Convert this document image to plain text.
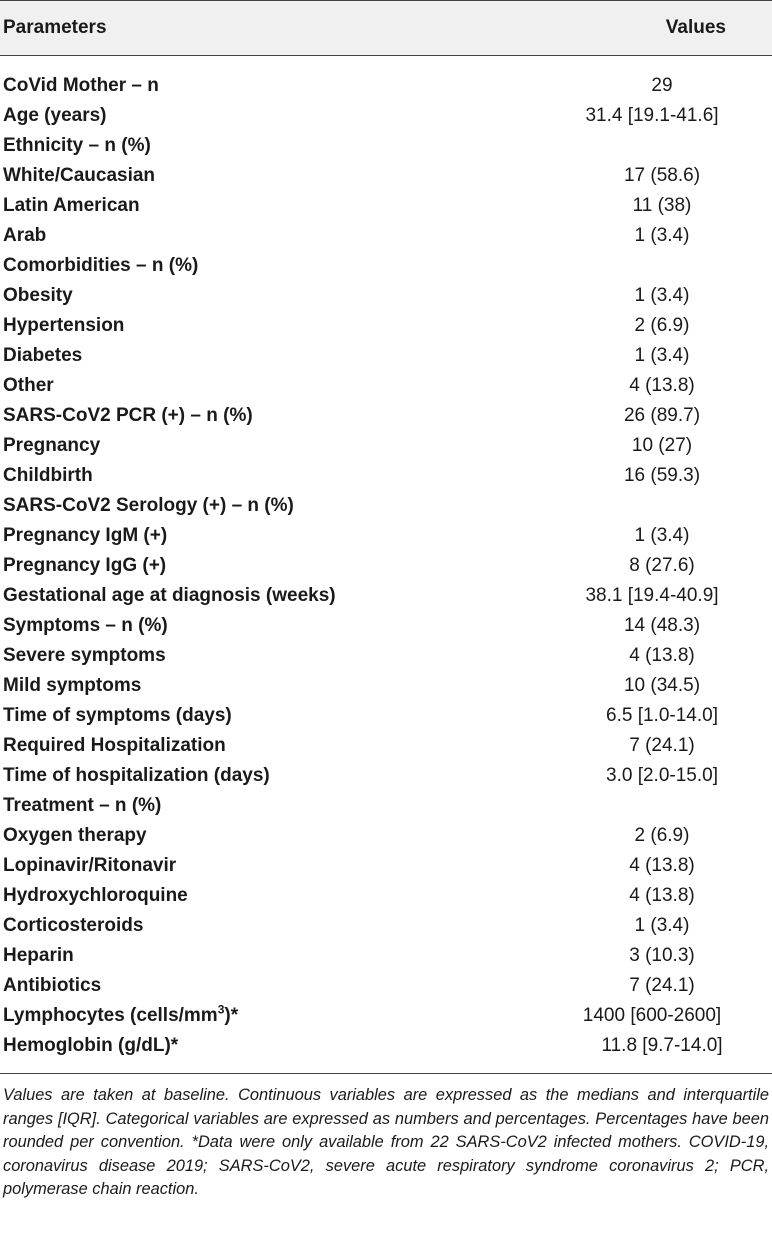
Parameters	Values
CoVid Mother – n	29
Age (years)	31.4 [19.1-41.6]
Ethnicity – n (%)
White/Caucasian	17 (58.6)
Latin American	11 (38)
Arab	1 (3.4)
Comorbidities – n (%)
Obesity	1 (3.4)
Hypertension	2 (6.9)
Diabetes	1 (3.4)
Other	4 (13.8)
SARS-CoV2 PCR (+) – n (%)	26 (89.7)
Pregnancy	10 (27)
Childbirth	16 (59.3)
SARS-CoV2 Serology (+) – n (%)
Pregnancy IgM (+)	1 (3.4)
Pregnancy IgG (+)	8 (27.6)
Gestational age at diagnosis (weeks)	38.1 [19.4-40.9]
Symptoms – n (%)	14 (48.3)
Severe symptoms	4 (13.8)
Mild symptoms	10 (34.5)
Time of symptoms (days)	6.5 [1.0-14.0]
Required Hospitalization	7 (24.1)
Time of hospitalization (days)	3.0 [2.0-15.0]
Treatment – n (%)
Oxygen therapy	2 (6.9)
Lopinavir/Ritonavir	4 (13.8)
Hydroxychloroquine	4 (13.8)
Corticosteroids	1 (3.4)
Heparin	3 (10.3)
Antibiotics	7 (24.1)
Lymphocytes $(cells/mm^3)*$	1400 [600-2600]
Hemoglobin (g/dL)*	11.8 [9.7-14.0]
Values are taken at baseline. Continuous variables are expressed as the medians and interquartile ranges [IQR]. Categorical variables are expressed as numbers and percentages. Percentages have been rounded per convention. *Data were only available from 22 SARS-CoV2 infected mothers. COVID-19, coronavirus disease 2019; SARS-CoV2, severe acute respiratory syndrome coronavirus 2; PCR, polymerase chain reaction.
